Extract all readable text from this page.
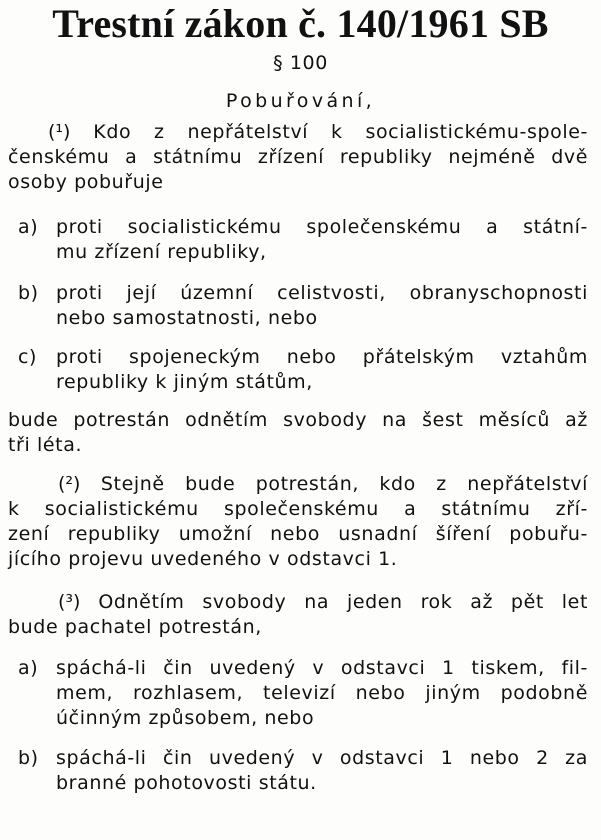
Trestní zákon č. 140/1961 SB
§ 100
Pobuřování,
(¹) Kdo z nepřátelství k socialistickému-spole-
čenskému a státnímu zřízení republiky nejméně dvě
osoby pobuřuje
a) proti socialistickému společenskému a státní-
mu zřízení republiky,
b) proti její územní celistvosti, obranyschopnosti
nebo samostatnosti, nebo
c) proti spojeneckým nebo přátelským vztahům
republiky k jiným státům,
bude potrestán odnětím svobody na šest měsíců až
tři léta.
(²) Stejně bude potrestán, kdo z nepřátelství
k socialistickému společenskému a státnímu zří-
zení republiky umožní nebo usnadní šíření pobuřu-
jícího projevu uvedeného v odstavci 1.
(³) Odnětím svobody na jeden rok až pět let
bude pachatel potrestán,
a) spáchá-li čin uvedený v odstavci 1 tiskem, fil-
mem, rozhlasem, televizí nebo jiným podobně
účinným způsobem, nebo
b) spáchá-li čin uvedený v odstavci 1 nebo 2 za
branné pohotovosti státu.
